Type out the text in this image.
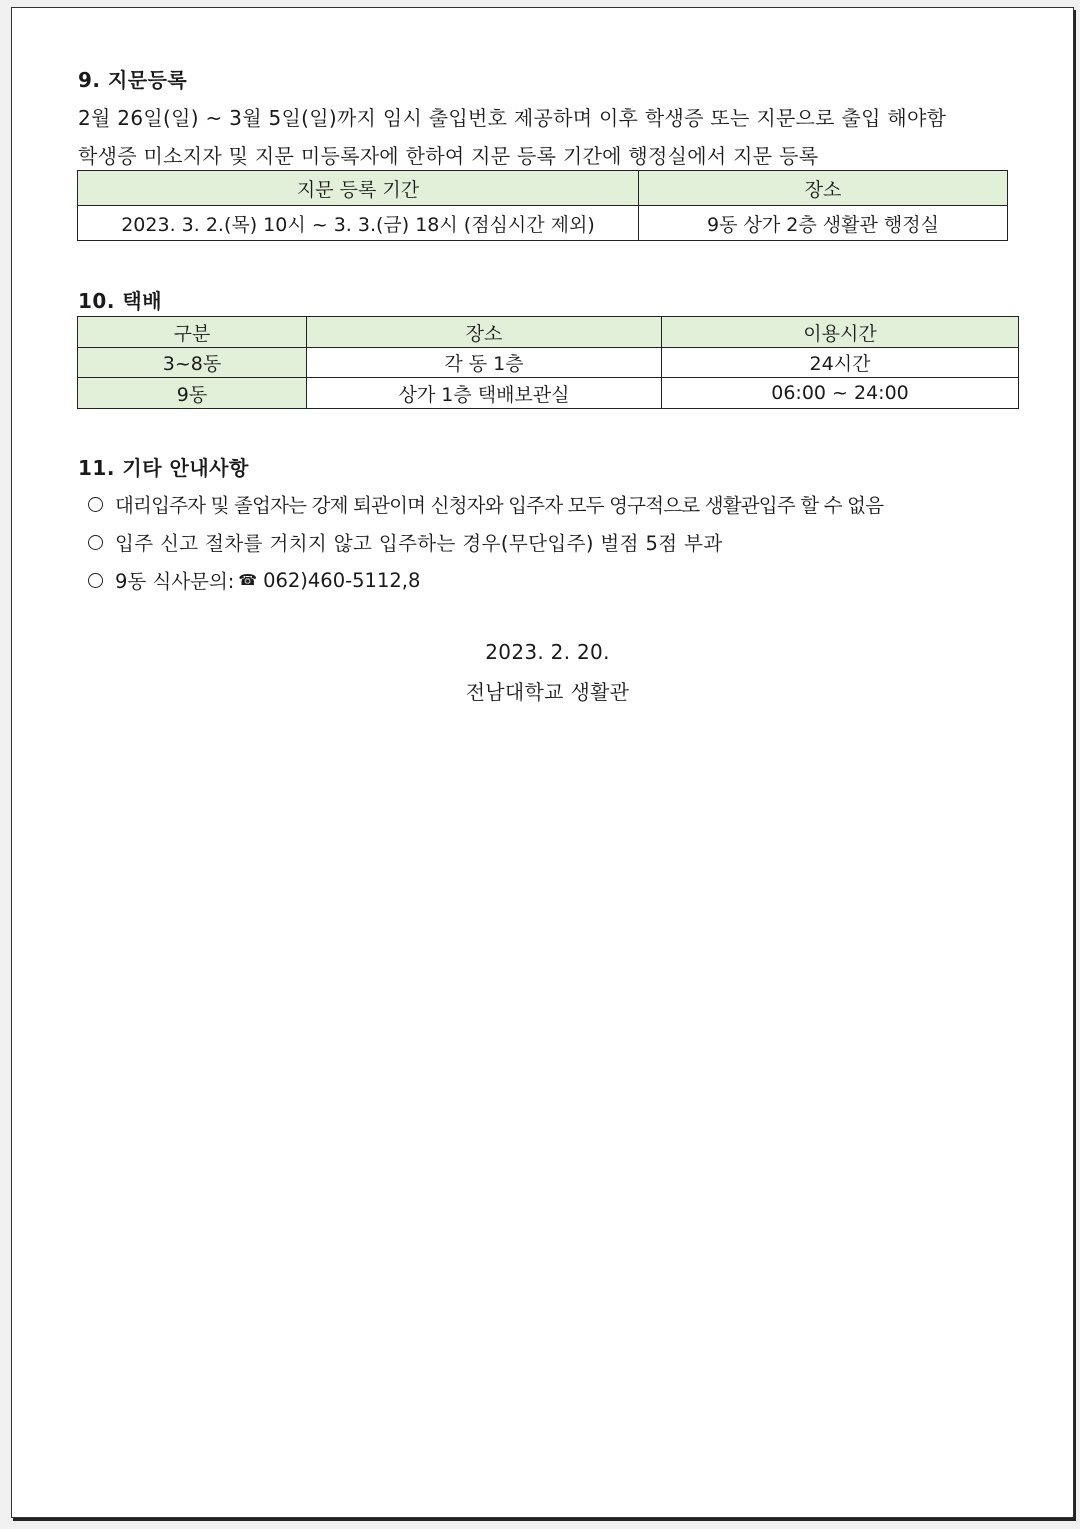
9. 지문등록
2월 26일(일) ~ 3월 5일(일)까지 임시 출입번호 제공하며 이후 학생증 또는 지문으로 출입 해야함
학생증 미소지자 및 지문 미등록자에 한하여 지문 등록 기간에 행정실에서 지문 등록
지문 등록 기간	장소
2023. 3. 2.(목) 10시 ~ 3. 3.(금) 18시 (점심시간 제외)	9동 상가 2층 생활관 행정실
10. 택배
구분	장소	이용시간
3~8동	각 동 1층	24시간
9동	상가 1층 택배보관실	06:00 ~ 24:00
11. 기타 안내사항
대리입주자 및 졸업자는 강제 퇴관이며 신청자와 입주자 모두 영구적으로 생활관입주 할 수 없음
입주 신고 절차를 거치지 않고 입주하는 경우(무단입주) 벌점 5점 부과
9동 식사문의: ☎ 062)460-5112,8
2023. 2. 20.
전남대학교 생활관
